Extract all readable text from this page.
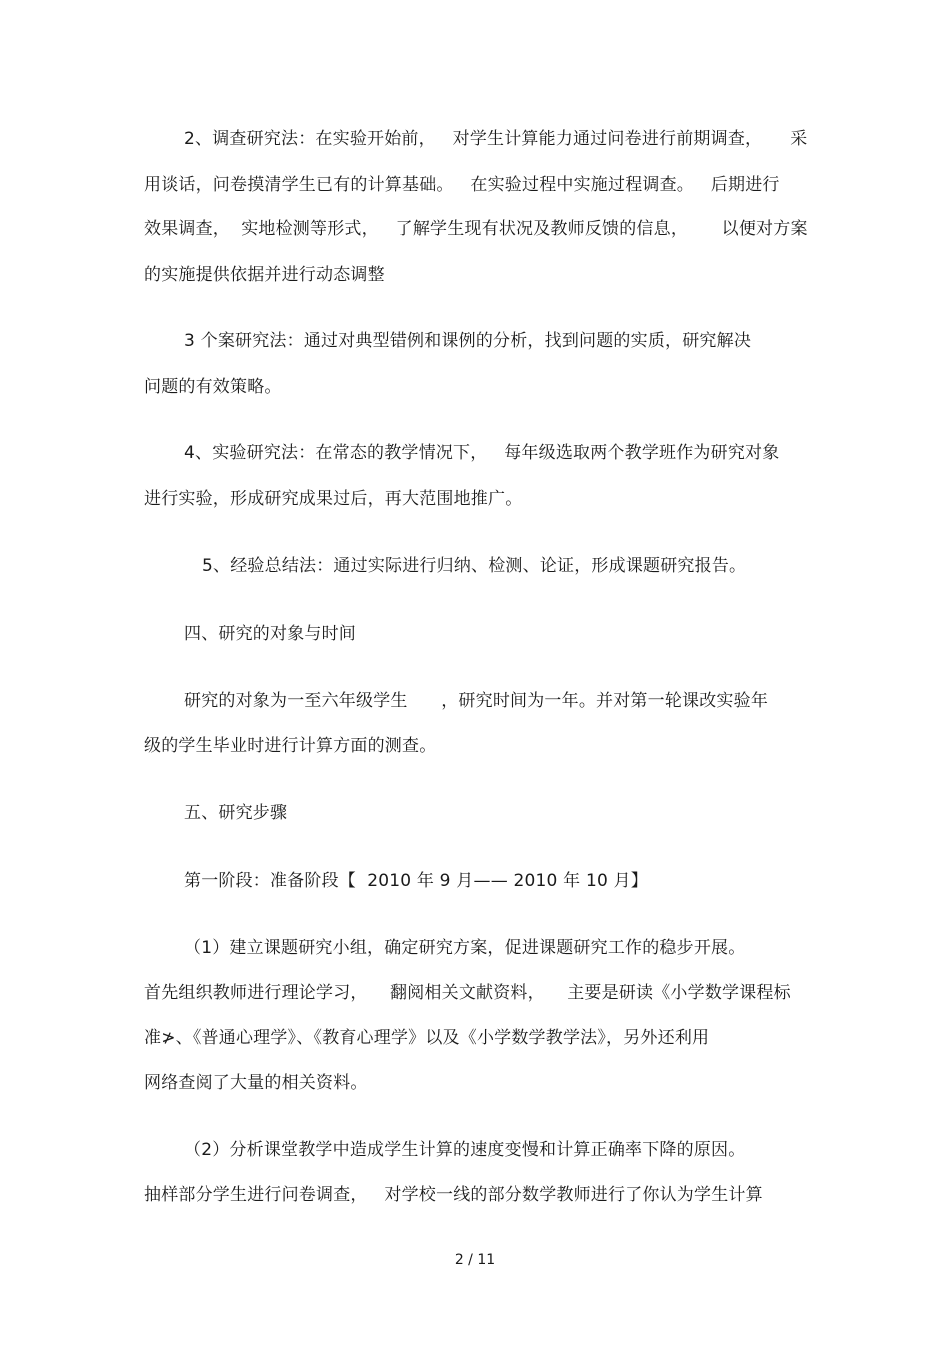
2、调查研究法：在实验开始前，   对学生计算能力通过问卷进行前期调查，     采
用谈话，问卷摸清学生已有的计算基础。   在实验过程中实施过程调查。   后期进行
效果调查，  实地检测等形式，   了解学生现有状况及教师反馈的信息，      以便对方案
的实施提供依据并进行动态调整
3 个案研究法：通过对典型错例和课例的分析，找到问题的实质，研究解决
问题的有效策略。
4、实验研究法：在常态的教学情况下，   每年级选取两个教学班作为研究对象
进行实验，形成研究成果过后，再大范围地推广。
5、经验总结法：通过实际进行归纳、检测、论证，形成课题研究报告。
四、研究的对象与时间
研究的对象为一至六年级学生      ，研究时间为一年。并对第一轮课改实验年
级的学生毕业时进行计算方面的测查。
五、研究步骤
第一阶段：准备阶段【  2010 年 9 月—— 2010 年 10 月】
（1）建立课题研究小组，确定研究方案，促进课题研究工作的稳步开展。
首先组织教师进行理论学习，    翻阅相关文献资料，    主要是研读《小学数学课程标
准≯、《普通心理学》、《教育心理学》以及《小学数学教学法》，另外还利用
网络查阅了大量的相关资料。
（2）分析课堂教学中造成学生计算的速度变慢和计算正确率下降的原因。
抽样部分学生进行问卷调查，   对学校一线的部分数学教师进行了你认为学生计算
2 / 11
